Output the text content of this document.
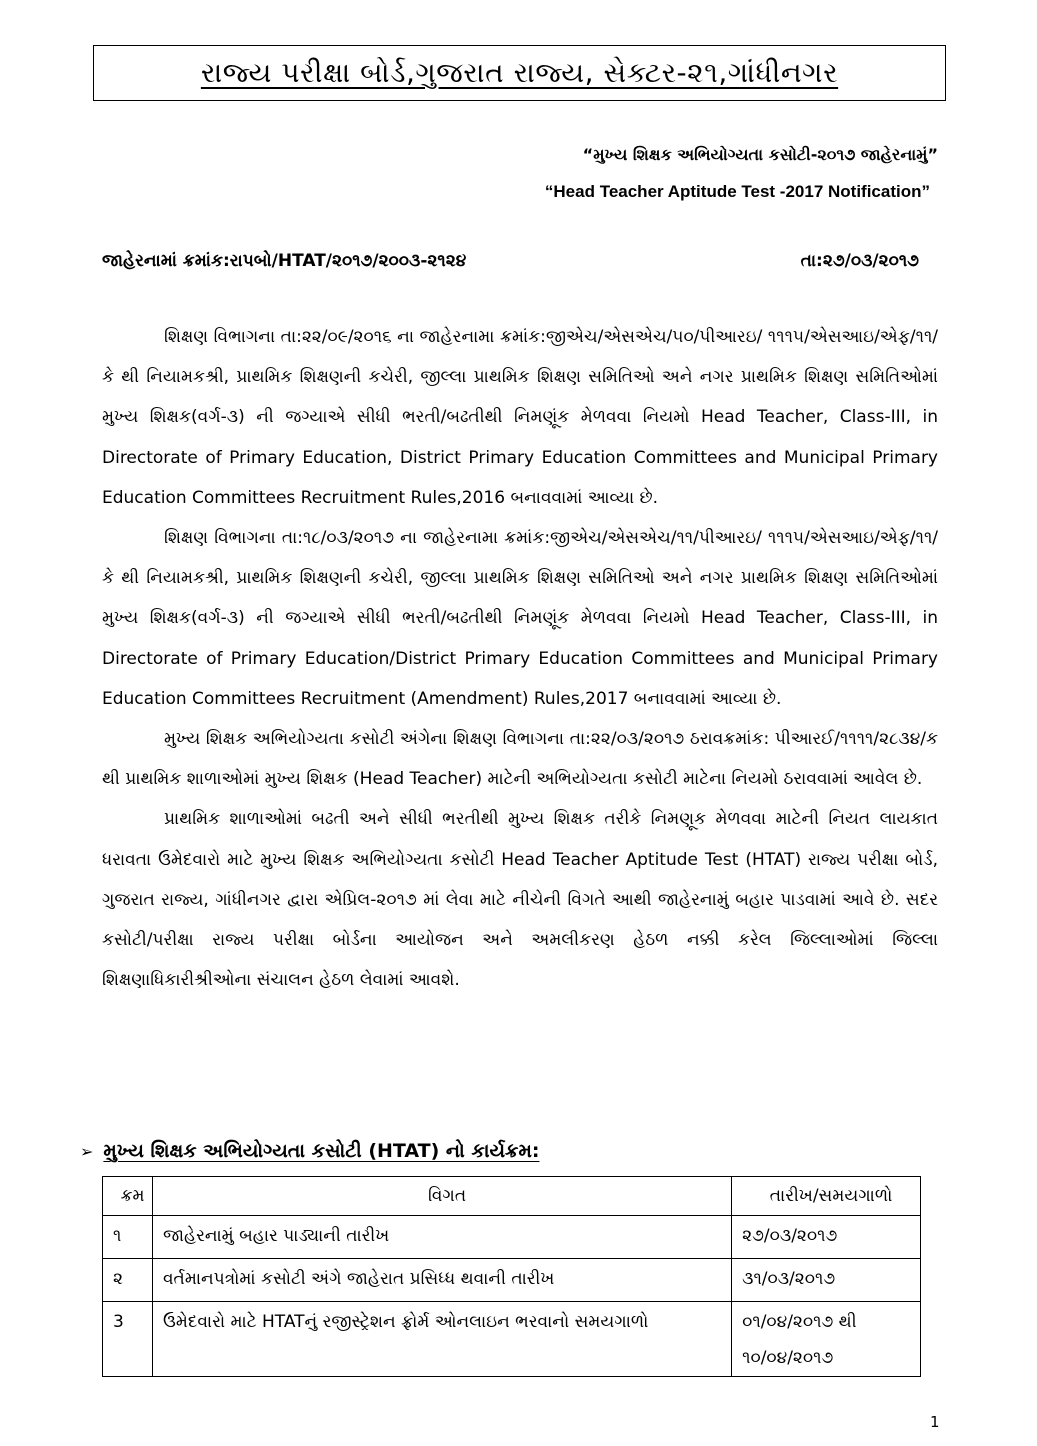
રાજ્ય પરીક્ષા બોર્ડ,ગુજરાત રાજ્ય, સેક્ટર-૨૧,ગાંધીનગર
“મુખ્ય શિક્ષક અભિયોગ્યતા કસોટી-૨૦૧૭ જાહેરનામું”
“Head Teacher Aptitude Test -2017 Notification”
જાહેરનામાં ક્રમાંક:રાપબો/HTAT/૨૦૧૭/૨૦૦૩-૨૧૨૪	તા:૨૭/૦૩/૨૦૧૭

શિક્ષણ વિભાગના તા:૨૨/૦૯/૨૦૧૬ ના જાહેરનામા ક્રમાંક:જીએચ/એસએચ/૫૦/પીઆરઇ/ ૧૧૧૫/એસઆઇ/એફ/૧૧/કે થી નિયામકશ્રી, પ્રાથમિક શિક્ષણની કચેરી, જીલ્લા પ્રાથમિક શિક્ષણ સમિતિઓ અને નગર પ્રાથમિક શિક્ષણ સમિતિઓમાં મુખ્ય શિક્ષક(વર્ગ-૩) ની જગ્યાએ સીધી ભરતી/બઢતીથી નિમણૂંક મેળવવા નિયમો Head Teacher, Class-III, in Directorate of Primary Education, District Primary Education Committees and Municipal Primary Education Committees Recruitment Rules,2016 બનાવવામાં આવ્યા છે.

શિક્ષણ વિભાગના તા:૧૮/૦૩/૨૦૧૭ ના જાહેરનામા ક્રમાંક:જીએચ/એસએચ/૧૧/પીઆરઇ/ ૧૧૧૫/એસઆઇ/એફ/૧૧/કે થી નિયામકશ્રી, પ્રાથમિક શિક્ષણની કચેરી, જીલ્લા પ્રાથમિક શિક્ષણ સમિતિઓ અને નગર પ્રાથમિક શિક્ષણ સમિતિઓમાં મુખ્ય શિક્ષક(વર્ગ-૩) ની જગ્યાએ સીધી ભરતી/બઢતીથી નિમણૂંક મેળવવા નિયમો Head Teacher, Class-III, in Directorate of Primary Education/District Primary Education Committees and Municipal Primary Education Committees Recruitment (Amendment) Rules,2017 બનાવવામાં આવ્યા છે.

મુખ્ય શિક્ષક અભિયોગ્યતા કસોટી અંગેના શિક્ષણ વિભાગના તા:૨૨/૦૩/૨૦૧૭ ઠરાવક્રમાંક: પીઆરઈ/૧૧૧૧/૨૮૩૪/ક થી પ્રાથમિક શાળાઓમાં મુખ્ય શિક્ષક (Head Teacher) માટેની અભિયોગ્યતા કસોટી માટેના નિયમો ઠરાવવામાં આવેલ છે.

પ્રાથમિક શાળાઓમાં બઢતી અને સીધી ભરતીથી મુખ્ય શિક્ષક તરીકે નિમણૂક મેળવવા માટેની નિયત લાયકાત ધરાવતા ઉમેદવારો માટે મુખ્ય શિક્ષક અભિયોગ્યતા કસોટી Head Teacher Aptitude Test (HTAT) રાજ્ય પરીક્ષા બોર્ડ, ગુજરાત રાજ્ય, ગાંધીનગર દ્વારા એપ્રિલ-૨૦૧૭ માં લેવા માટે નીચેની વિગતે આથી જાહેરનામું બહાર પાડવામાં આવે છે. સદર કસોટી/પરીક્ષા રાજ્ય પરીક્ષા બોર્ડના આયોજન અને અમલીકરણ હેઠળ નક્કી કરેલ જિલ્લાઓમાં જિલ્લા શિક્ષણાધિકારીશ્રીઓના સંચાલન હેઠળ લેવામાં આવશે.

➢ મુખ્ય શિક્ષક અભિયોગ્યતા કસોટી (HTAT) નો કાર્યક્રમ:
ક્રમ	વિગત	તારીખ/સમયગાળો
૧	જાહેરનામું બહાર પાડ્યાની તારીખ	૨૭/૦૩/૨૦૧૭
૨	વર્તમાનપત્રોમાં કસોટી અંગે જાહેરાત પ્રસિધ્ધ થવાની તારીખ	૩૧/૦૩/૨૦૧૭
3	ઉમેદવારો માટે HTATનું રજીસ્ટ્રેશન ફ્રોર્મ ઓનલાઇન ભરવાનો સમયગાળો	૦૧/૦૪/૨૦૧૭ થી ૧૦/૦૪/૨૦૧૭
1
